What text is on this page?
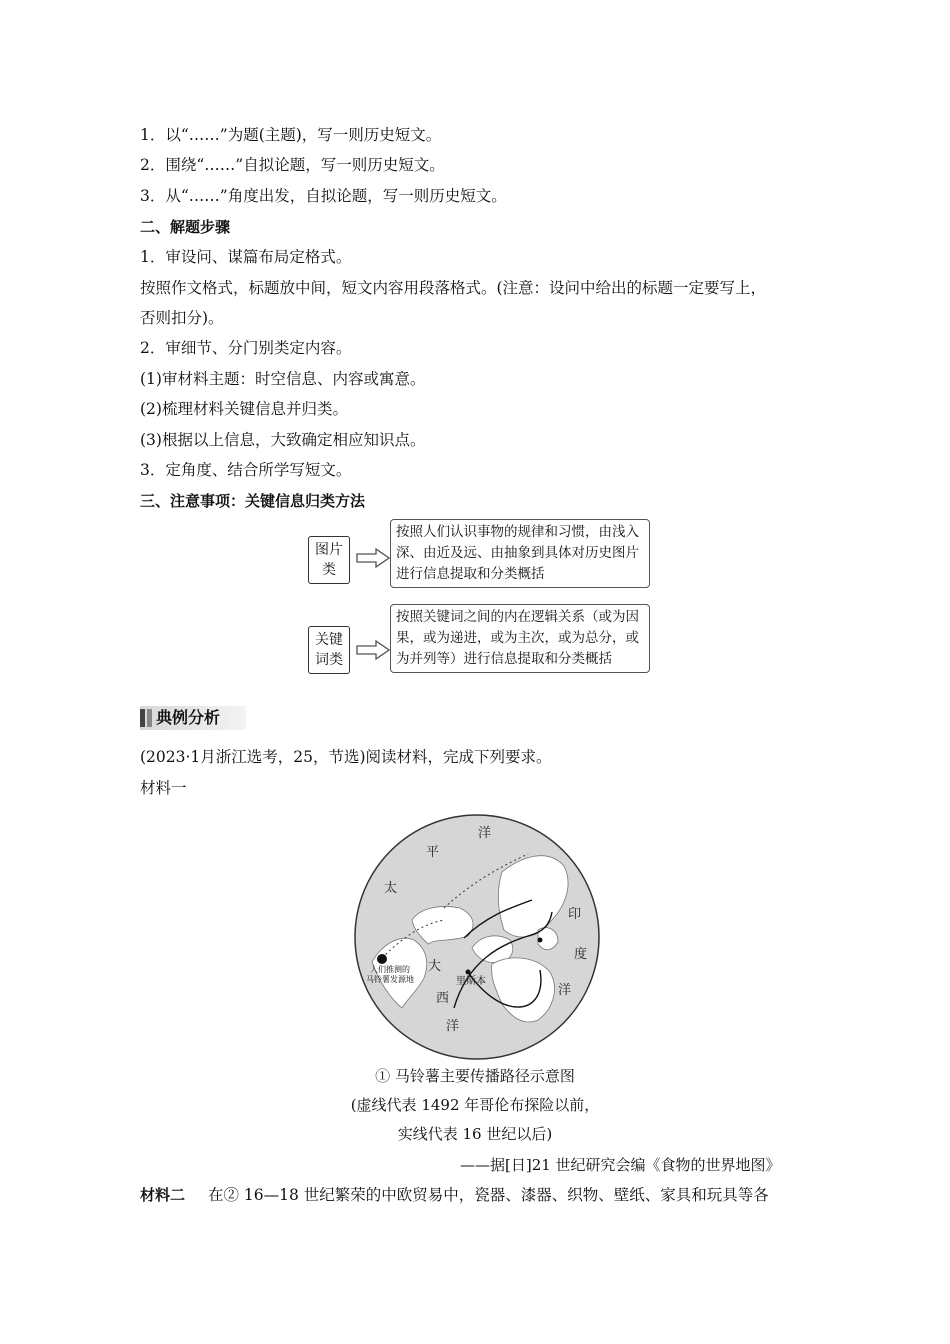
1．以“……”为题(主题)，写一则历史短文。
2．围绕“……”自拟论题，写一则历史短文。
3．从“……”角度出发，自拟论题，写一则历史短文。
二、解题步骤
1．审设问、谋篇布局定格式。
按照作文格式，标题放中间，短文内容用段落格式。(注意：设问中给出的标题一定要写上，
否则扣分)。
2．审细节、分门别类定内容。
(1)审材料主题：时空信息、内容或寓意。
(2)梳理材料关键信息并归类。
(3)根据以上信息，大致确定相应知识点。
3．定角度、结合所学写短文。
三、注意事项：关键信息归类方法
图片
类
按照人们认识事物的规律和习惯，由浅入深、由近及远、由抽象到具体对历史图片进行信息提取和分类概括
关键
词类
按照关键词之间的内在逻辑关系（或为因果，或为递进，或为主次，或为总分，或为并列等）进行信息提取和分类概括
典例分析
(2023·1月浙江选考，25，节选)阅读材料，完成下列要求。
材料一
平
太
洋
大
西
洋
印
度
洋
人们推测的
马铃薯发源地	里斯本
① 马铃薯主要传播路径示意图
(虚线代表 1492 年哥伦布探险以前，
实线代表 16 世纪以后)
——据[日]21 世纪研究会编《食物的世界地图》
材料二 在② 16—18 世纪繁荣的中欧贸易中，瓷器、漆器、织物、壁纸、家具和玩具等各
